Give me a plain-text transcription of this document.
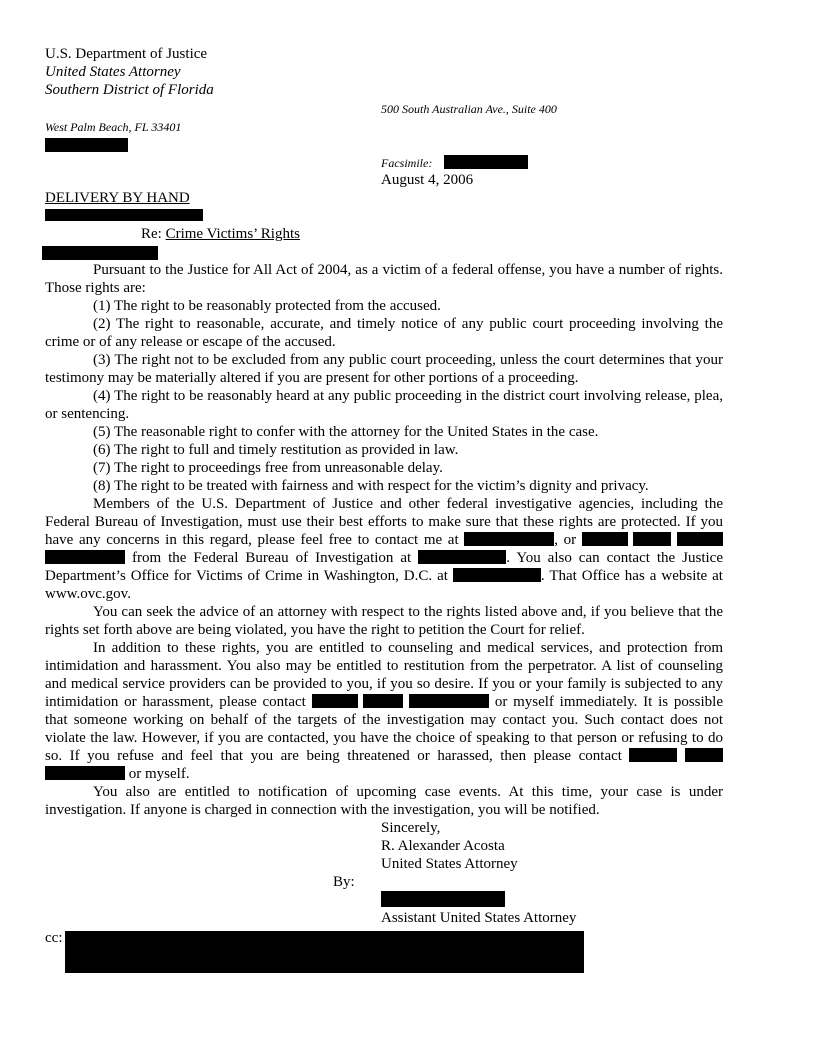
U.S. Department of Justice
United States Attorney
Southern District of Florida
500 South Australian Ave., Suite 400
West Palm Beach, FL 33401
Facsimile:
August 4, 2006
DELIVERY BY HAND
Re: Crime Victims’ Rights

Pursuant to the Justice for All Act of 2004, as a victim of a federal offense, you have a number of rights. Those rights are:

(1) The right to be reasonably protected from the accused.

(2) The right to reasonable, accurate, and timely notice of any public court proceeding involving the crime or of any release or escape of the accused.

(3) The right not to be excluded from any public court proceeding, unless the court determines that your testimony may be materially altered if you are present for other portions of a proceeding.

(4) The right to be reasonably heard at any public proceeding in the district court involving release, plea, or sentencing.

(5) The reasonable right to confer with the attorney for the United States in the case.

(6) The right to full and timely restitution as provided in law.

(7) The right to proceedings free from unreasonable delay.

(8) The right to be treated with fairness and with respect for the victim’s dignity and privacy.

Members of the U.S. Department of Justice and other federal investigative agencies, including the Federal Bureau of Investigation, must use their best efforts to make sure that these rights are protected. If you have any concerns in this regard, please feel free to contact me at	, or     from the Federal Bureau of Investigation at	. You also can contact the Justice Department’s Office for Victims of Crime in Washington, D.C. at	. That Office has a website at www.ovc.gov.

You can seek the advice of an attorney with respect to the rights listed above and, if you believe that the rights set forth above are being violated, you have the right to petition the Court for relief.

In addition to these rights, you are entitled to counseling and medical services, and protection from intimidation and harassment. You also may be entitled to restitution from the perpetrator. A list of counseling and medical service providers can be provided to you, if you so desire. If you or your family is subjected to any intimidation or harassment, please contact	or myself immediately. It is possible that someone working on behalf of the targets of the investigation may contact you. Such contact does not violate the law. However, if you are contacted, you have the choice of speaking to that person or refusing to do so. If you refuse and feel that you are being threatened or harassed, then please contact    or myself.

You also are entitled to notification of upcoming case events. At this time, your case is under investigation. If anyone is charged in connection with the investigation, you will be notified.

Sincerely,
R. Alexander Acosta
United States Attorney
By:
Assistant United States Attorney
cc:
